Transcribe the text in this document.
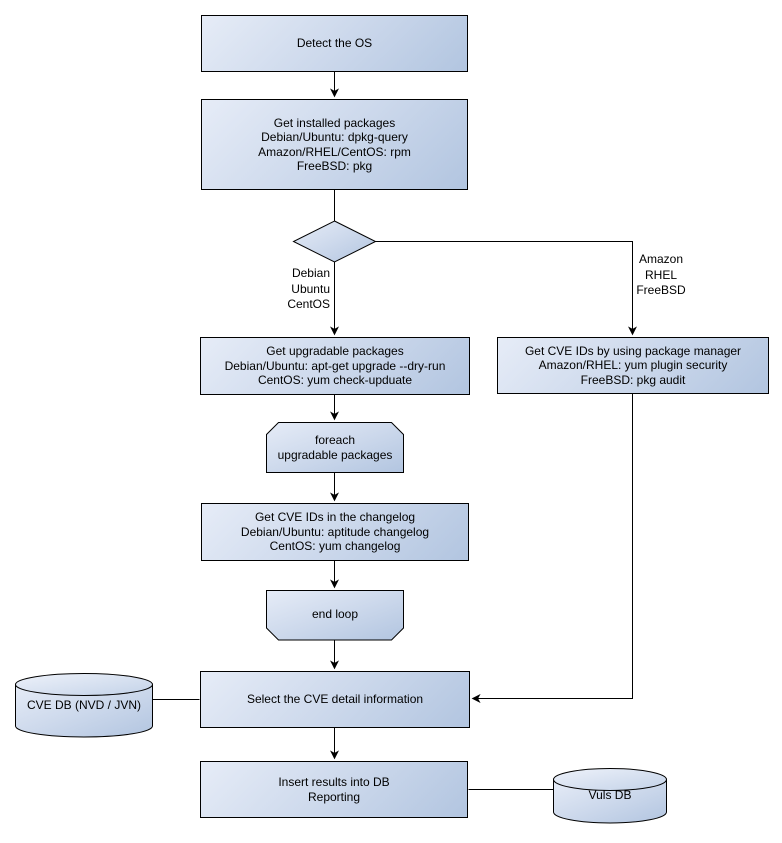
Detect the OS
Get installed packages
Debian/Ubuntu: dpkg-query
Amazon/RHEL/CentOS: rpm
FreeBSD: pkg
Get upgradable packages
Debian/Ubuntu: apt-get upgrade --dry-run
CentOS: yum check-upduate
Get CVE IDs by using package manager
Amazon/RHEL: yum plugin security
FreeBSD: pkg audit
Get CVE IDs in the changelog
Debian/Ubuntu: aptitude changelog
CentOS: yum changelog
Select the CVE detail information
Insert results into DB
Reporting
foreach
upgradable packages
end loop
CVE DB (NVD / JVN)
Vuls DB
Debian
Ubuntu
CentOS
Amazon
RHEL
FreeBSD
